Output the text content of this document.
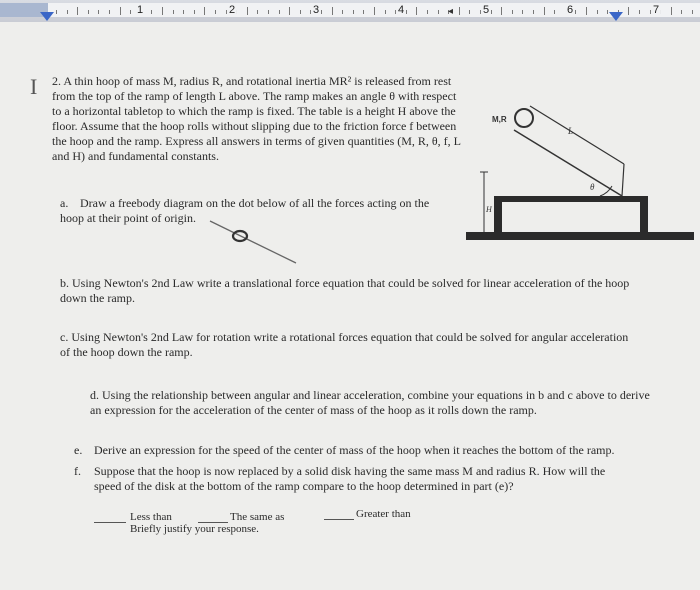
1	2	3	4	5	6	7
◂
I 2. A thin hoop of mass M, radius R, and rotational inertia MR² is released from rest from the top of the ramp of length L above. The ramp makes an angle θ with respect to a horizontal tabletop to which the ramp is fixed. The table is a height H above the floor. Assume that the hoop rolls without slipping due to the friction force f between the hoop and the ramp. Express all answers in terms of given quantities (M, R, θ, f, L and H) and fundamental constants.
a. Draw a freebody diagram on the dot below of all the forces acting on the hoop at their point of origin.
M,R
L
θ
H
b. Using Newton's 2nd Law write a translational force equation that could be solved for linear acceleration of the hoop down the ramp.
c. Using Newton's 2nd Law for rotation write a rotational forces equation that could be solved for angular acceleration of the hoop down the ramp.
d. Using the relationship between angular and linear acceleration, combine your equations in b and c above to derive an expression for the acceleration of the center of mass of the hoop as it rolls down the ramp.
e. Derive an expression for the speed of the center of mass of the hoop when it reaches the bottom of the ramp.
f. Suppose that the hoop is now replaced by a solid disk having the same mass M and radius R. How will the speed of the disk at the bottom of the ramp compare to the hoop determined in part (e)?
Less than	The same as	Greater than
Briefly justify your response.
